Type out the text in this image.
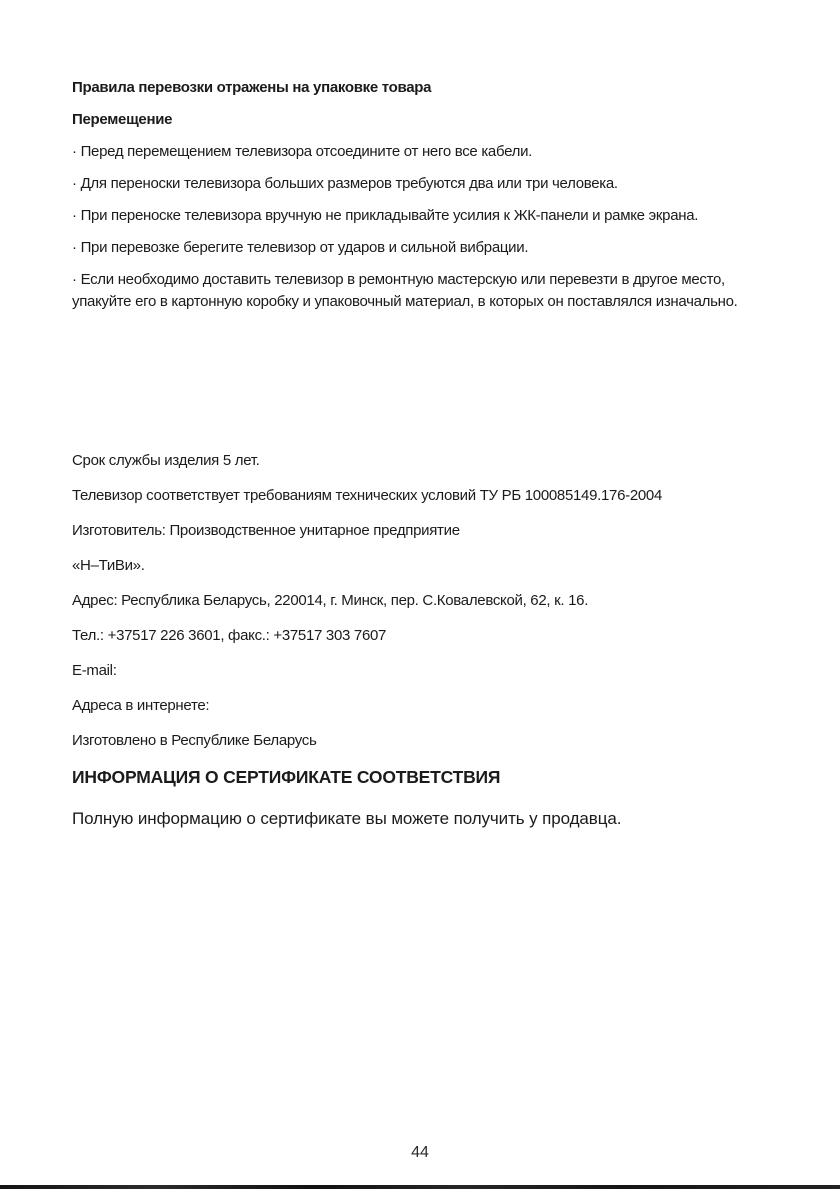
Правила перевозки отражены на упаковке товара

Перемещение

· Перед перемещением телевизора отсоедините от него все кабели.

· Для переноски телевизора больших размеров требуются два или три человека.

· При переноске телевизора вручную не прикладывайте усилия к ЖК-панели и рамке экрана.

· При перевозке берегите телевизор от ударов и сильной вибрации.

· Если необходимо доставить телевизор в ремонтную мастерскую или перевезти в другое место, упакуйте его в картонную коробку и упаковочный материал, в которых он поставлялся изначально.

Срок службы изделия 5 лет.

Телевизор соответствует требованиям технических условий ТУ РБ 100085149.176-2004

Изготовитель: Производственное унитарное предприятие

«Н–ТиВи».

Адрес: Республика Беларусь, 220014, г. Минск, пер. С.Ковалевской, 62, к. 16.

Тел.: +37517 226 3601, факс.: +37517 303 7607

E-mail:

Адреса в интернете:

Изготовлено в Республике Беларусь

ИНФОРМАЦИЯ О СЕРТИФИКАТЕ СООТВЕТСТВИЯ

Полную информацию о сертификате вы можете получить у продавца.

44
